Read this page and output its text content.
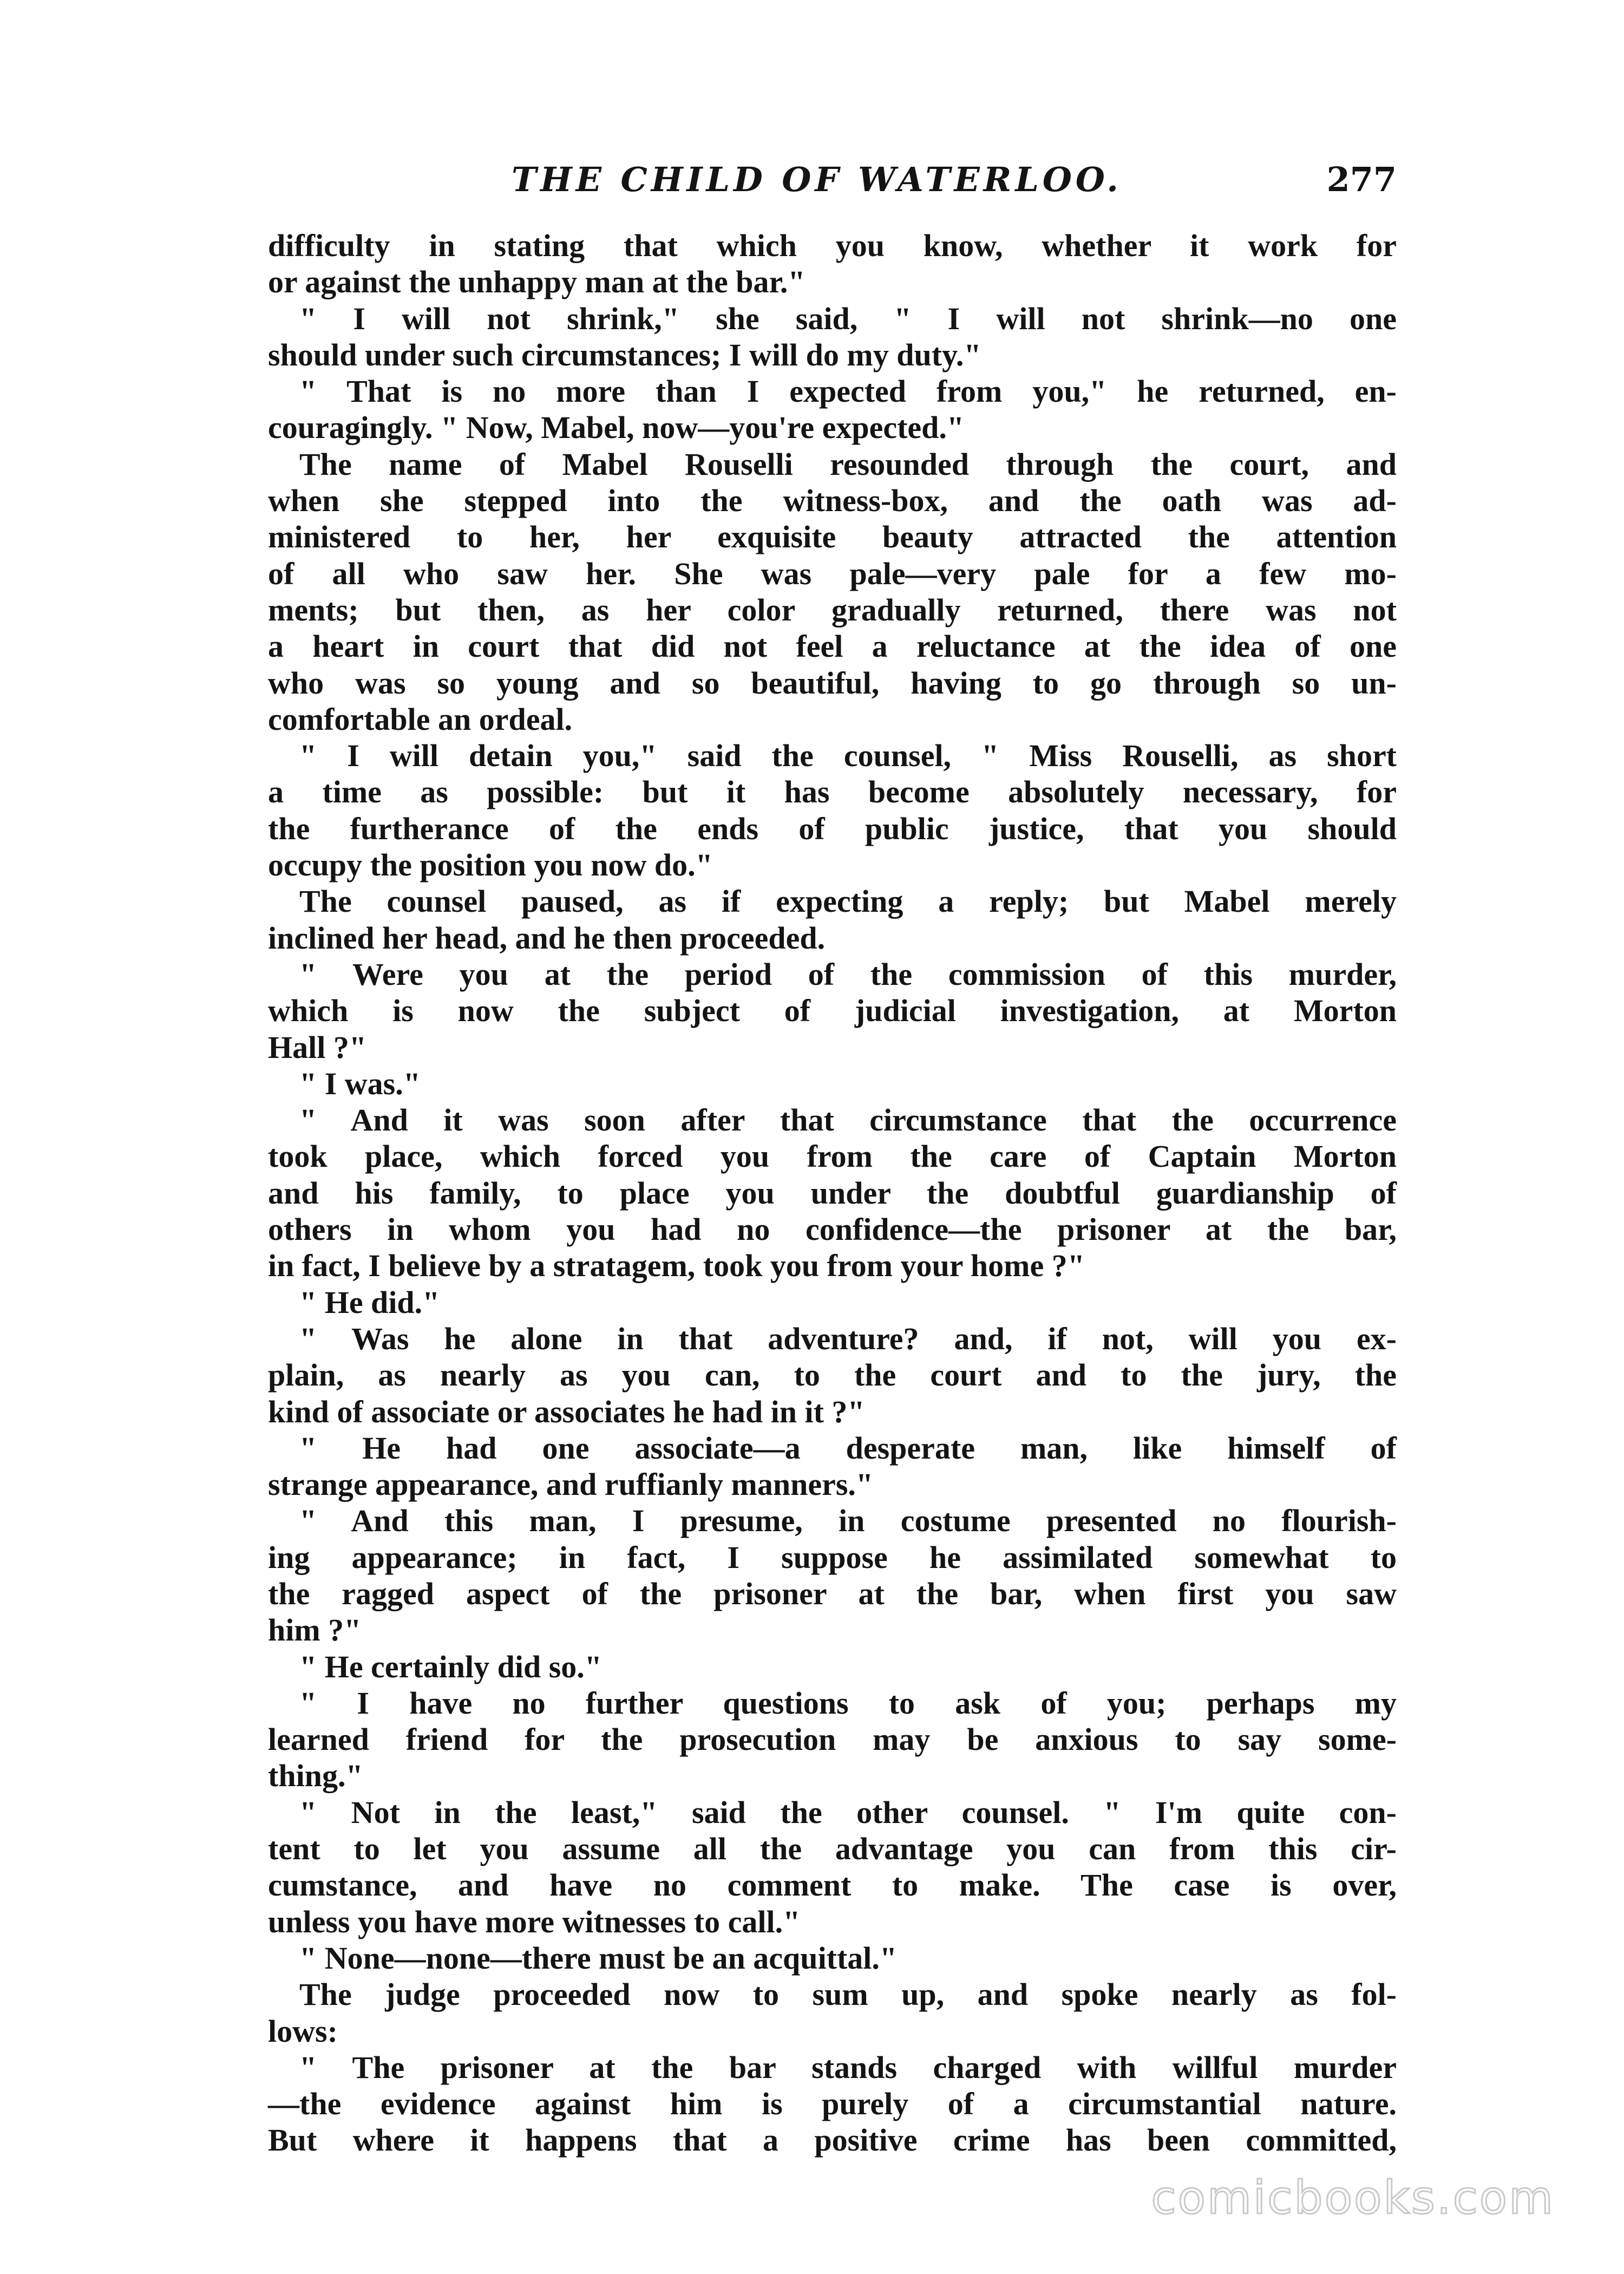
THE CHILD OF WATERLOO.	277
difficulty in stating that which you know, whether it work for
or against the unhappy man at the bar."
" I will not shrink," she said, " I will not shrink—no one
should under such circumstances; I will do my duty."
" That is no more than I expected from you," he returned, en-
couragingly. " Now, Mabel, now—you're expected."
The name of Mabel Rouselli resounded through the court, and
when she stepped into the witness-box, and the oath was ad-
ministered to her, her exquisite beauty attracted the attention
of all who saw her. She was pale—very pale for a few mo-
ments; but then, as her color gradually returned, there was not
a heart in court that did not feel a reluctance at the idea of one
who was so young and so beautiful, having to go through so un-
comfortable an ordeal.
" I will detain you," said the counsel, " Miss Rouselli, as short
a time as possible: but it has become absolutely necessary, for
the furtherance of the ends of public justice, that you should
occupy the position you now do."
The counsel paused, as if expecting a reply; but Mabel merely
inclined her head, and he then proceeded.
" Were you at the period of the commission of this murder,
which is now the subject of judicial investigation, at Morton
Hall ?"
" I was."
" And it was soon after that circumstance that the occurrence
took place, which forced you from the care of Captain Morton
and his family, to place you under the doubtful guardianship of
others in whom you had no confidence—the prisoner at the bar,
in fact, I believe by a stratagem, took you from your home ?"
" He did."
" Was he alone in that adventure? and, if not, will you ex-
plain, as nearly as you can, to the court and to the jury, the
kind of associate or associates he had in it ?"
" He had one associate—a desperate man, like himself of
strange appearance, and ruffianly manners."
" And this man, I presume, in costume presented no flourish-
ing appearance; in fact, I suppose he assimilated somewhat to
the ragged aspect of the prisoner at the bar, when first you saw
him ?"
" He certainly did so."
" I have no further questions to ask of you; perhaps my
learned friend for the prosecution may be anxious to say some-
thing."
" Not in the least," said the other counsel. " I'm quite con-
tent to let you assume all the advantage you can from this cir-
cumstance, and have no comment to make. The case is over,
unless you have more witnesses to call."
" None—none—there must be an acquittal."
The judge proceeded now to sum up, and spoke nearly as fol-
lows:
" The prisoner at the bar stands charged with willful murder
—the evidence against him is purely of a circumstantial nature.
But where it happens that a positive crime has been committed,
comicbooks.com
